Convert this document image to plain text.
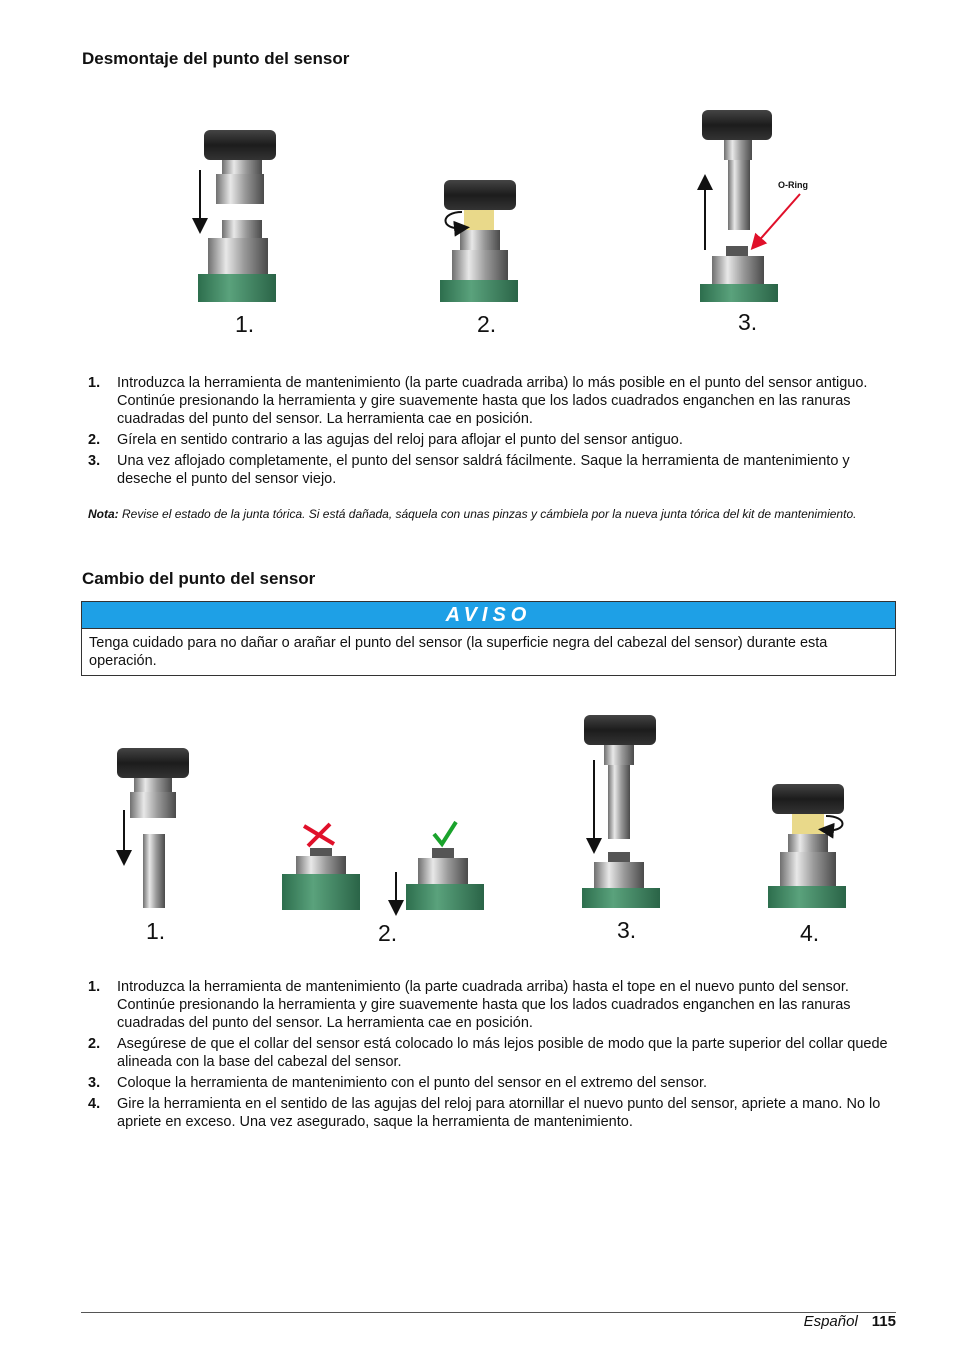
Desmontaje del punto del sensor
O-Ring
1.	2.	3.
1. Introduzca la herramienta de mantenimiento (la parte cuadrada arriba) lo más posible en el punto del sensor antiguo. Continúe presionando la herramienta y gire suavemente hasta que los lados cuadrados enganchen en las ranuras cuadradas del punto del sensor. La herramienta cae en posición.
2. Gírela en sentido contrario a las agujas del reloj para aflojar el punto del sensor antiguo.
3. Una vez aflojado completamente, el punto del sensor saldrá fácilmente. Saque la herramienta de mantenimiento y deseche el punto del sensor viejo.
Nota: Revise el estado de la junta tórica. Si está dañada, sáquela con unas pinzas y cámbiela por la nueva junta tórica del kit de mantenimiento.
Cambio del punto del sensor
AVISO
Tenga cuidado para no dañar o arañar el punto del sensor (la superficie negra del cabezal del sensor) durante esta operación.
1.	2.	3.	4.
1. Introduzca la herramienta de mantenimiento (la parte cuadrada arriba) hasta el tope en el nuevo punto del sensor. Continúe presionando la herramienta y gire suavemente hasta que los lados cuadrados enganchen en las ranuras cuadradas del punto del sensor. La herramienta cae en posición.
2. Asegúrese de que el collar del sensor está colocado lo más lejos posible de modo que la parte superior del collar quede alineada con la base del cabezal del sensor.
3. Coloque la herramienta de mantenimiento con el punto del sensor en el extremo del sensor.
4. Gire la herramienta en el sentido de las agujas del reloj para atornillar el nuevo punto del sensor, apriete a mano. No lo apriete en exceso. Una vez asegurado, saque la herramienta de mantenimiento.
Español 115
